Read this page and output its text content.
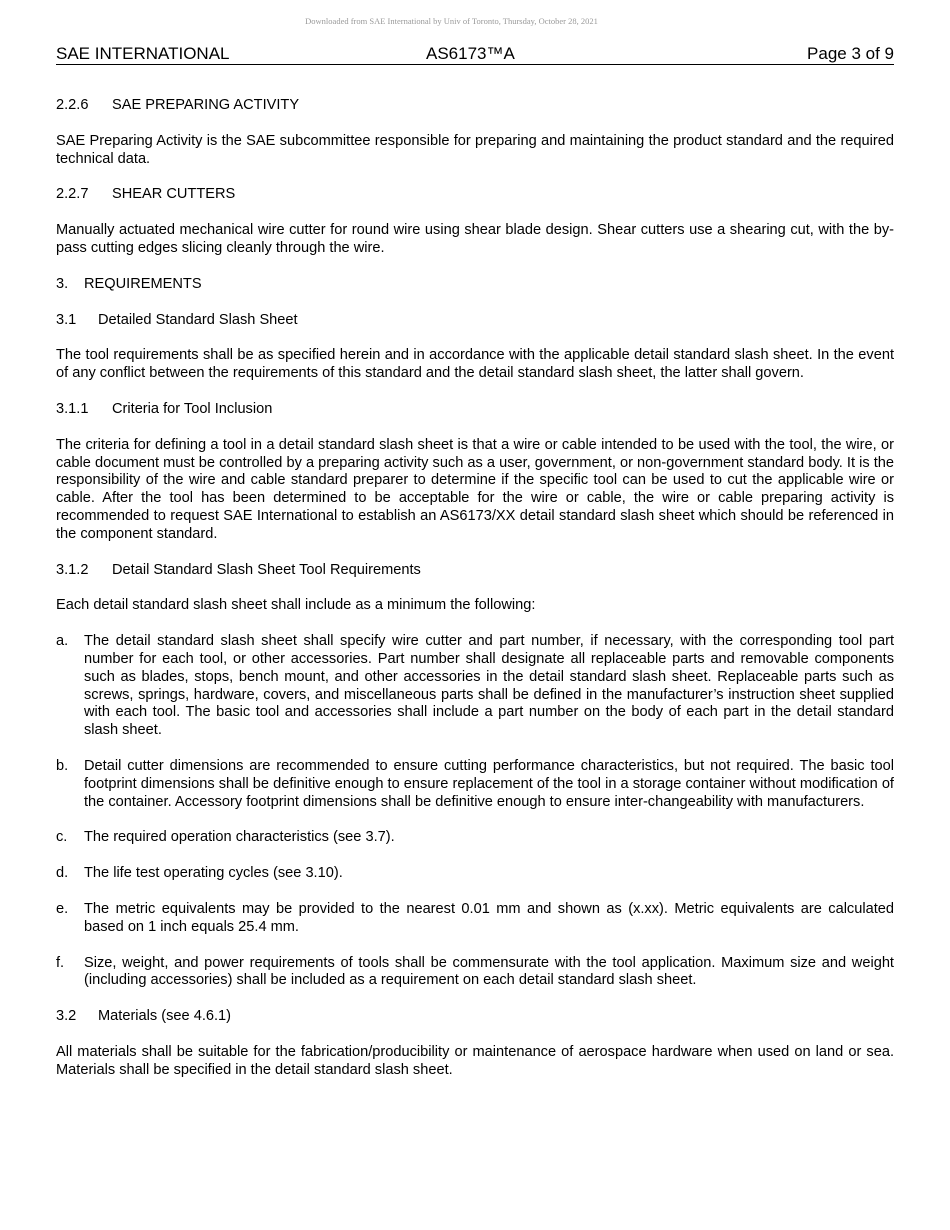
Downloaded from SAE International by Univ of Toronto, Thursday, October 28, 2021
SAE INTERNATIONAL	AS6173™A	Page 3 of 9
2.2.6	SAE PREPARING ACTIVITY

SAE Preparing Activity is the SAE subcommittee responsible for preparing and maintaining the product standard and the required technical data.

2.2.7	SHEAR CUTTERS

Manually actuated mechanical wire cutter for round wire using shear blade design. Shear cutters use a shearing cut, with the by-pass cutting edges slicing cleanly through the wire.

3.	REQUIREMENTS
3.1	Detailed Standard Slash Sheet

The tool requirements shall be as specified herein and in accordance with the applicable detail standard slash sheet. In the event of any conflict between the requirements of this standard and the detail standard slash sheet, the latter shall govern.

3.1.1	Criteria for Tool Inclusion

The criteria for defining a tool in a detail standard slash sheet is that a wire or cable intended to be used with the tool, the wire, or cable document must be controlled by a preparing activity such as a user, government, or non-government standard body. It is the responsibility of the wire and cable standard preparer to determine if the specific tool can be used to cut the applicable wire or cable. After the tool has been determined to be acceptable for the wire or cable, the wire or cable preparing activity is recommended to request SAE International to establish an AS6173/XX detail standard slash sheet which should be referenced in the component standard.

3.1.2	Detail Standard Slash Sheet Tool Requirements

Each detail standard slash sheet shall include as a minimum the following:

a.	The detail standard slash sheet shall specify wire cutter and part number, if necessary, with the corresponding tool part number for each tool, or other accessories. Part number shall designate all replaceable parts and removable components such as blades, stops, bench mount, and other accessories in the detail standard slash sheet. Replaceable parts such as screws, springs, hardware, covers, and miscellaneous parts shall be defined in the manufacturer’s instruction sheet supplied with each tool. The basic tool and accessories shall include a part number on the body of each part in the detail standard slash sheet.
b.	Detail cutter dimensions are recommended to ensure cutting performance characteristics, but not required. The basic tool footprint dimensions shall be definitive enough to ensure replacement of the tool in a storage container without modification of the container. Accessory footprint dimensions shall be definitive enough to ensure inter-changeability with manufacturers.
c.	The required operation characteristics (see 3.7).
d.	The life test operating cycles (see 3.10).
e.	The metric equivalents may be provided to the nearest 0.01 mm and shown as (x.xx). Metric equivalents are calculated based on 1 inch equals 25.4 mm.
f.	Size, weight, and power requirements of tools shall be commensurate with the tool application. Maximum size and weight (including accessories) shall be included as a requirement on each detail standard slash sheet.
3.2	Materials (see 4.6.1)

All materials shall be suitable for the fabrication/producibility or maintenance of aerospace hardware when used on land or sea. Materials shall be specified in the detail standard slash sheet.
